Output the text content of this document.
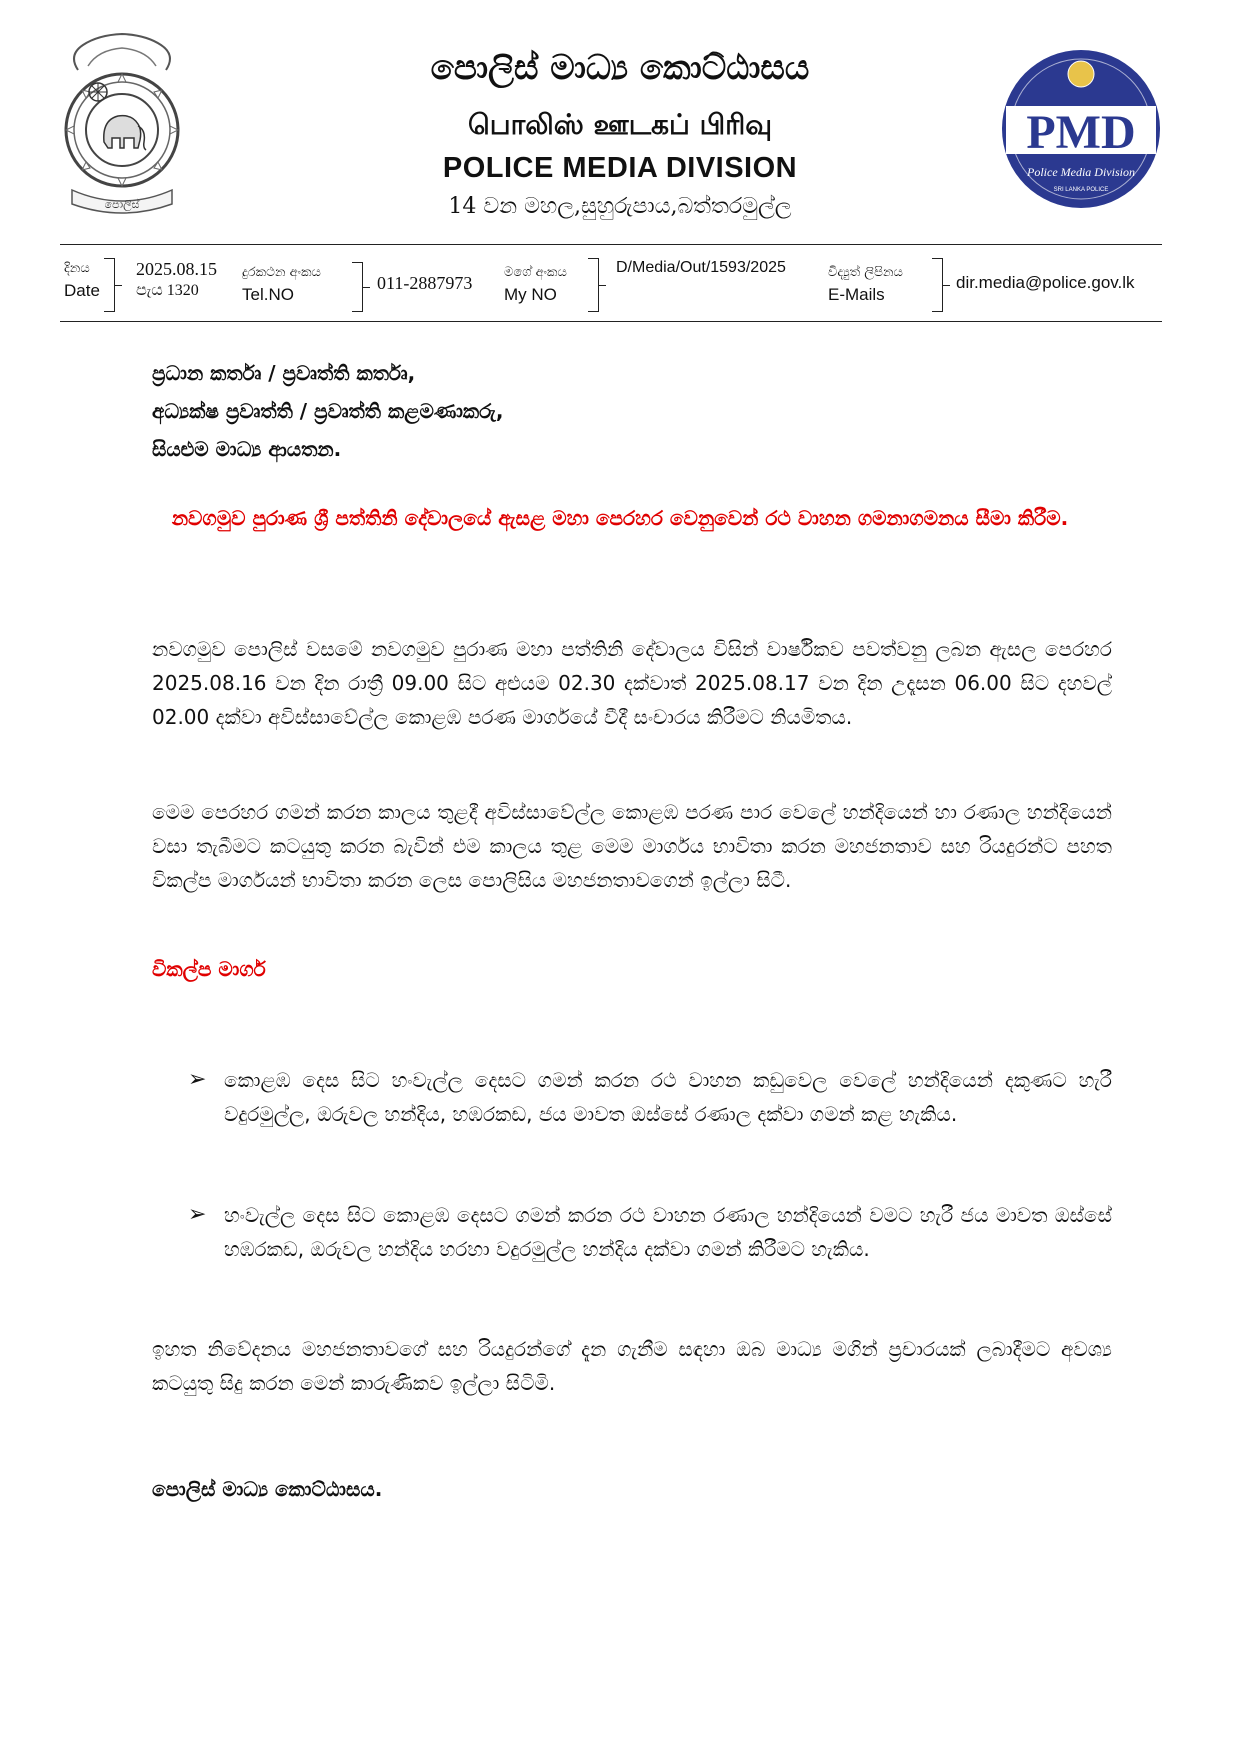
පොලිස්
පොලිස් මාධ්‍ය කොට්ඨාසය
பொலிஸ் ஊடகப் பிரிவு
POLICE MEDIA DIVISION
14 වන මහල,සුහුරුපාය,බත්තරමුල්ල
PMD
Police Media Division
SRI LANKA POLICE
දිනය
Date
2025.08.15
පැය 1320
දුරකථන අංකය
Tel.NO
011-2887973
මගේ අංකය
My NO
D/Media/Out/1593/2025	විද්‍යුත් ලිපිනය
E-Mails
dir.media@police.gov.lk
ප්‍රධාන කර්තෘ / ප්‍රවෘත්ති කර්තෘ,
අධ්‍යක්ෂ ප්‍රවෘත්ති / ප්‍රවෘත්ති කළමණාකරු,
සියළුම මාධ්‍ය ආයතන.
නවගමුව පුරාණ ශ්‍රී පත්තිනි දේවාලයේ ඇසළ මහා පෙරහර වෙනුවෙන් රථ වාහන ගමනාගමනය සීමා කිරීම.
නවගමුව පොලිස් වසමේ නවගමුව පුරාණ මහා පත්තිනි දේවාලය විසින් වාර්ෂිකව පවත්වනු ලබන ඇසල පෙරහර 2025.08.16 වන දින රාත්‍රී 09.00 සිට අළුයම 02.30 දක්වාත් 2025.08.17 වන දින උදෑසන 06.00 සිට දහවල් 02.00 දක්වා අවිස්සාවේල්ල කොළඹ පරණ මාර්ගයේ වීදී සංචාරය කිරීමට නියමිතය.
මෙම පෙරහර ගමන් කරන කාලය තුළදී අවිස්සාවේල්ල කොළඹ පරණ පාර වෙලේ හන්දියෙන් හා රණාල හන්දියෙන් වසා තැබීමට කටයුතු කරන බැවින් එම කාලය තුළ මෙම මාර්ගය භාවිතා කරන මහජනතාව සහ රියදුරන්ට පහත විකල්ප මාර්ගයන් භාවිතා කරන ලෙස පොලිසිය මහජනතාවගෙන් ඉල්ලා සිටී.
විකල්ප මාර්ග
➢ කොළඹ දෙස සිට හංවැල්ල දෙසට ගමන් කරන රථ වාහන කඩුවෙල වෙලේ හන්දියෙන් දකුණට හැරී වදුරමුල්ල, ඔරුවල හන්දිය, හඹරකඩ, ජය මාවත ඔස්සේ රණාල දක්වා ගමන් කළ හැකිය.
➢ හංවැල්ල දෙස සිට කොළඹ දෙසට ගමන් කරන රථ වාහන රණාල හන්දියෙන් වමට හැරී ජය මාවත ඔස්සේ හඹරකඩ, ඔරුවල හන්දිය හරහා වදුරමුල්ල හන්දිය දක්වා ගමන් කිරීමට හැකිය.
ඉහත නිවේදනය මහජනතාවගේ සහ රියදුරන්ගේ දැන ගැනීම සඳහා ඔබ මාධ්‍ය මගින් ප්‍රචාරයක් ලබාදීමට අවශ්‍ය කටයුතු සිදු කරන මෙන් කාරුණිකව ඉල්ලා සිටිමි.
පොලිස් මාධ්‍ය කොට්ඨාසය.
